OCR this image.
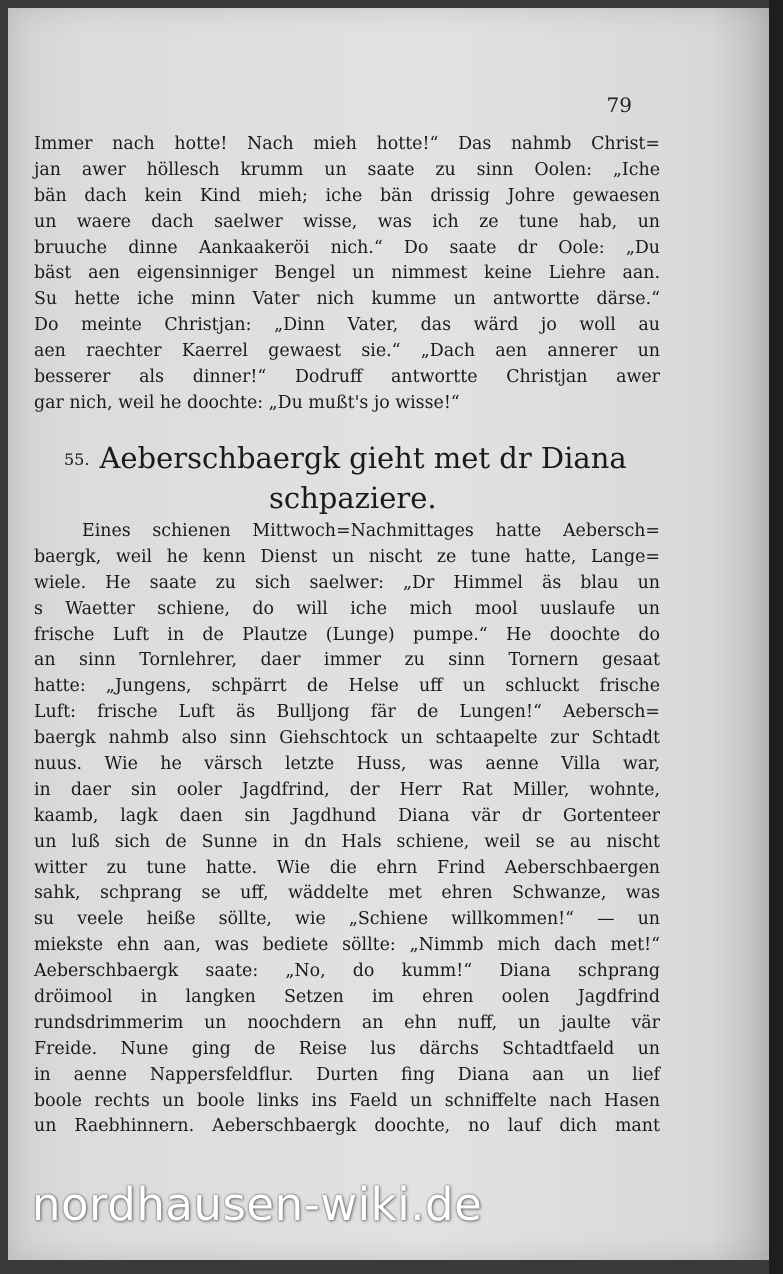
79
Immer nach hotte! Nach mieh hotte!“ Das nahmb Christ=
jan awer höllesch krumm un saate zu sinn Oolen: „Iche
bän dach kein Kind mieh; iche bän drissig Johre gewaesen
un waere dach saelwer wisse, was ich ze tune hab, un
bruuche dinne Aankaakeröi nich.“ Do saate dr Oole: „Du
bäst aen eigensinniger Bengel un nimmest keine Liehre aan.
Su hette iche minn Vater nich kumme un antwortte därse.“
Do meinte Christjan: „Dinn Vater, das wärd jo woll au
aen raechter Kaerrel gewaest sie.“ „Dach aen annerer un
besserer als dinner!“ Dodruff antwortte Christjan awer
gar nich, weil he doochte: „Du mußt's jo wisse!“
55. Aeberschbaergk gieht met dr Diana
schpaziere.
Eines schienen Mittwoch=Nachmittages hatte Aebersch=
baergk, weil he kenn Dienst un nischt ze tune hatte, Lange=
wiele. He saate zu sich saelwer: „Dr Himmel äs blau un
s Waetter schiene, do will iche mich mool uuslaufe un
frische Luft in de Plautze (Lunge) pumpe.“ He doochte do
an sinn Tornlehrer, daer immer zu sinn Tornern gesaat
hatte: „Jungens, schpärrt de Helse uff un schluckt frische
Luft: frische Luft äs Bulljong fär de Lungen!“ Aebersch=
baergk nahmb also sinn Giehschtock un schtaapelte zur Schtadt
nuus. Wie he värsch letzte Huss, was aenne Villa war,
in daer sin ooler Jagdfrind, der Herr Rat Miller, wohnte,
kaamb, lagk daen sin Jagdhund Diana vär dr Gortenteer
un luß sich de Sunne in dn Hals schiene, weil se au nischt
witter zu tune hatte. Wie die ehrn Frind Aeberschbaergen
sahk, schprang se uff, wäddelte met ehren Schwanze, was
su veele heiße söllte, wie „Schiene willkommen!“ — un
miekste ehn aan, was bediete söllte: „Nimmb mich dach met!“
Aeberschbaergk saate: „No, do kumm!“ Diana schprang
dröimool in langken Setzen im ehren oolen Jagdfrind
rundsdrimmerim un noochdern an ehn nuff, un jaulte vär
Freide. Nune ging de Reise lus därchs Schtadtfaeld un
in aenne Nappersfeldflur. Durten fing Diana aan un lief
boole rechts un boole links ins Faeld un schniffelte nach Hasen
un Raebhinnern. Aeberschbaergk doochte, no lauf dich mant
nordhausen-wiki.de
